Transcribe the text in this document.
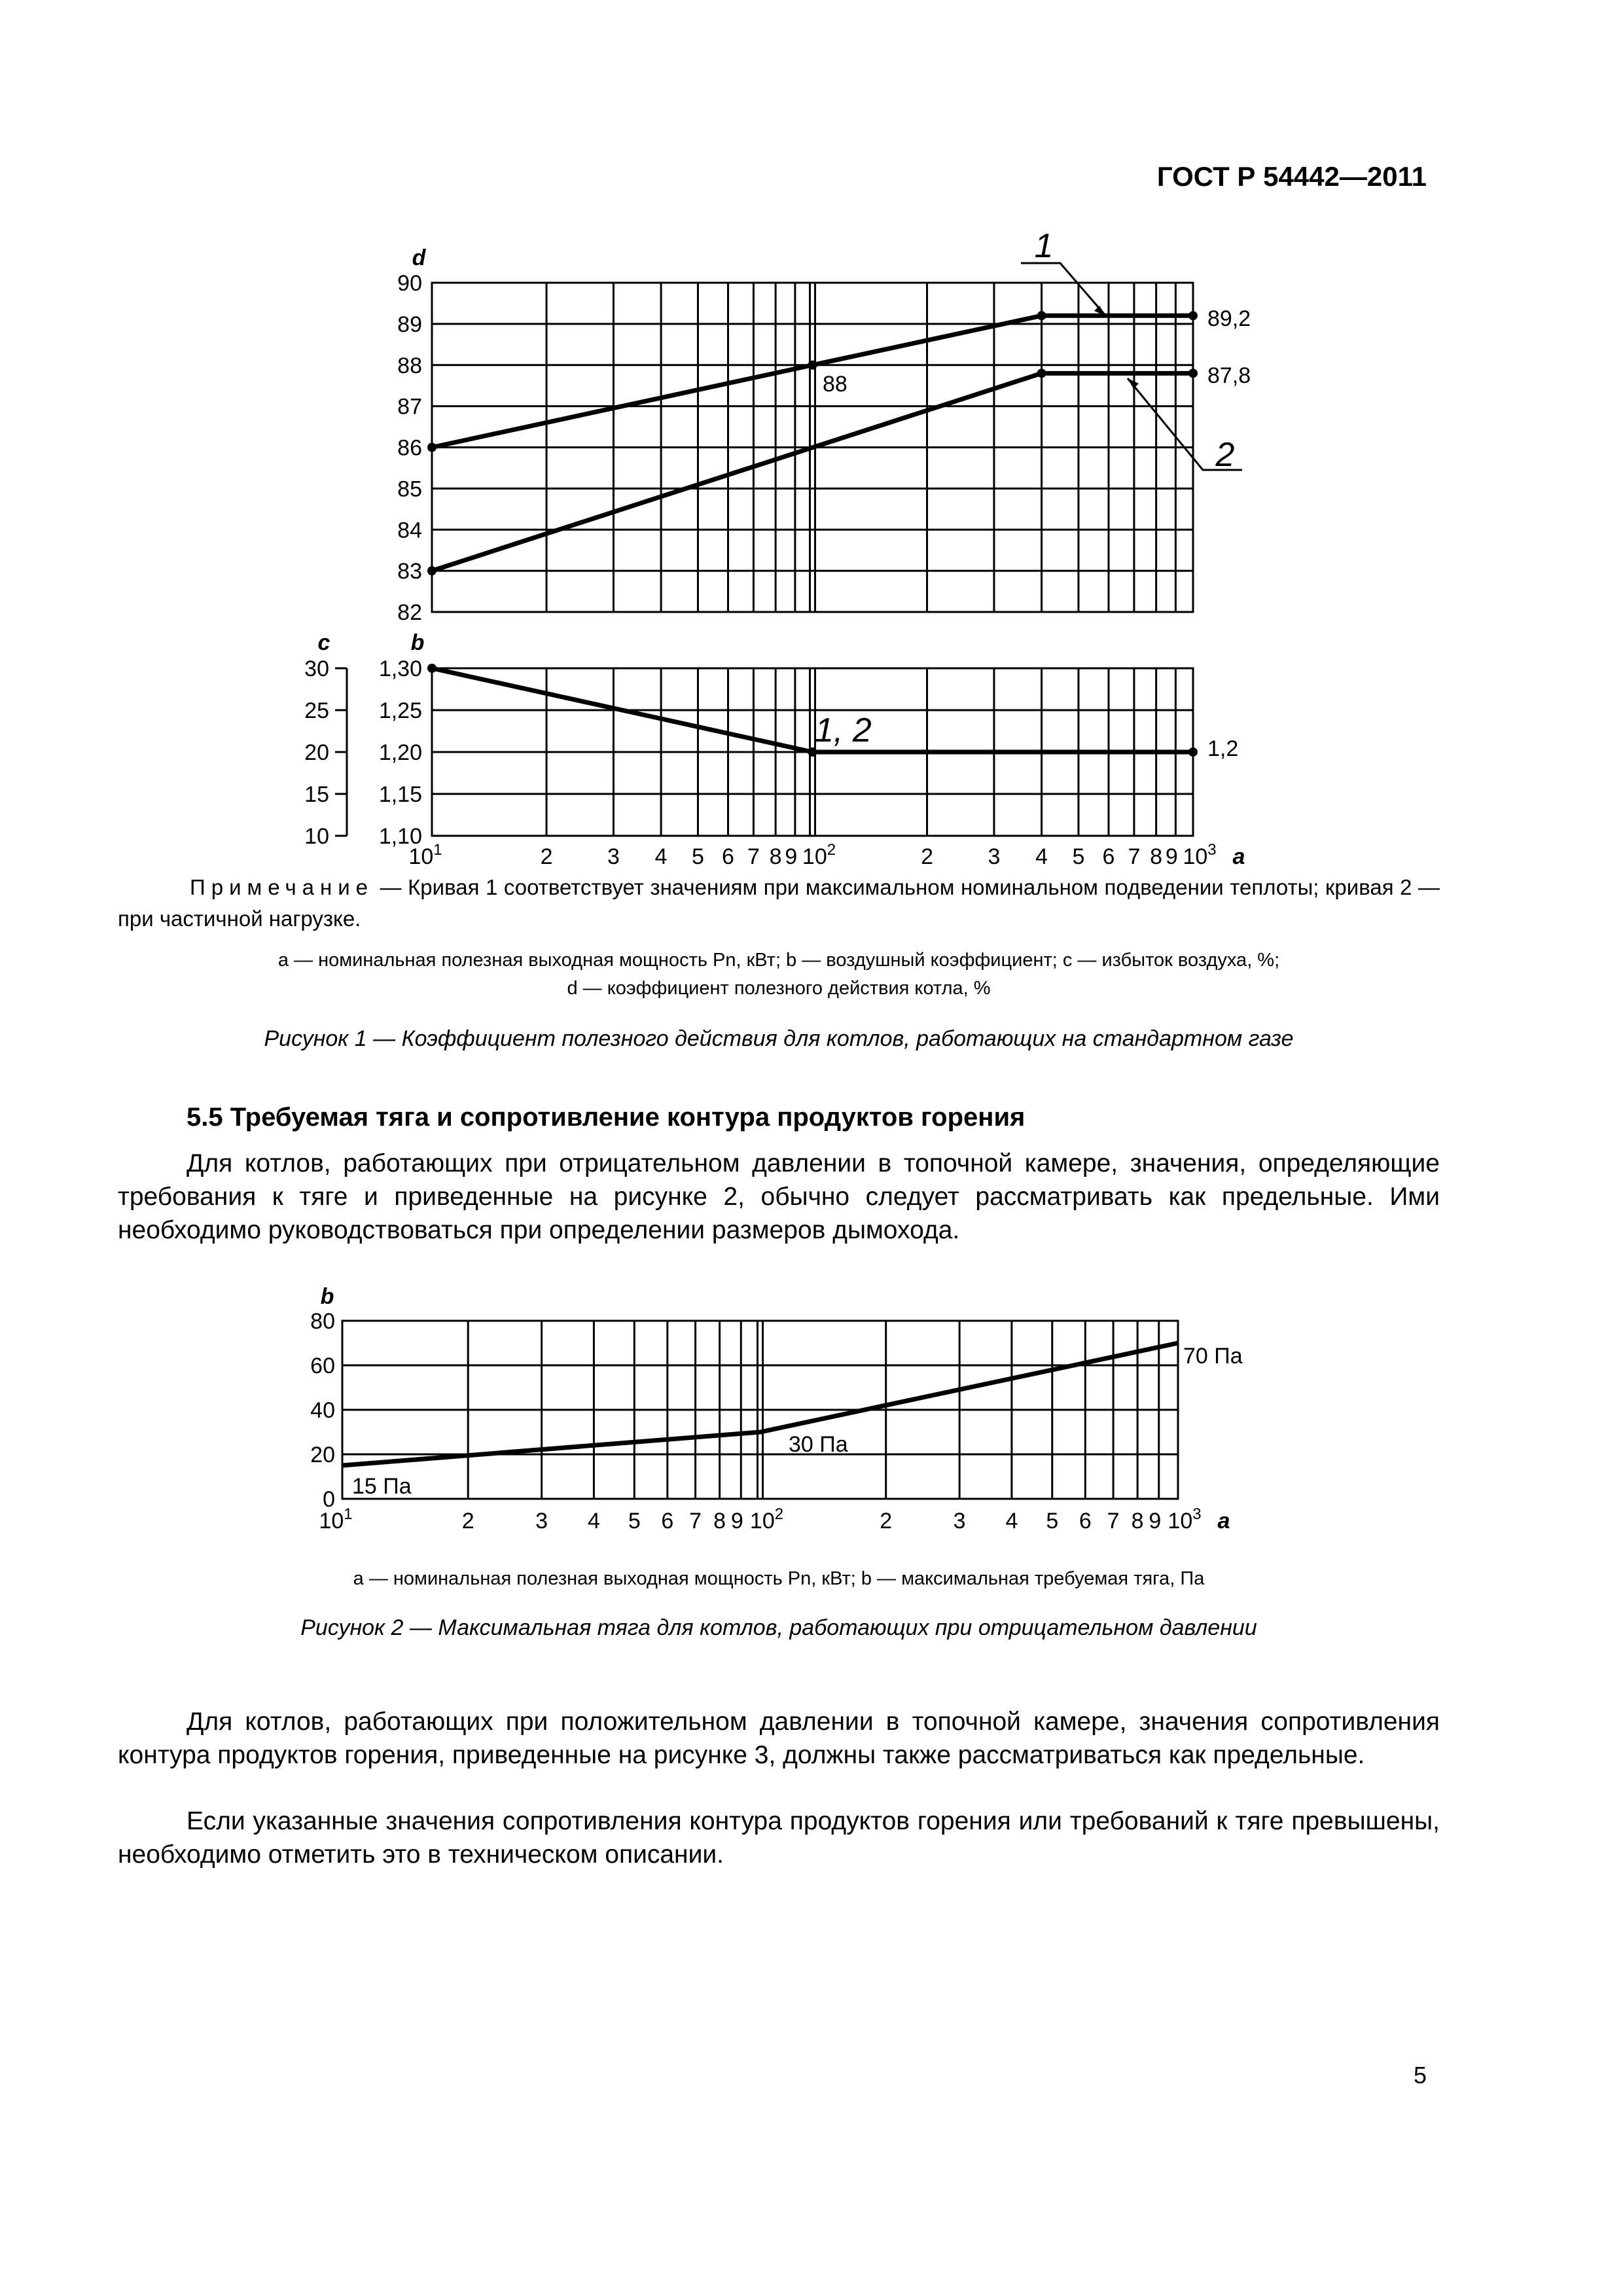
ГОСТ Р 54442—2011
82
83
84
85
86
87
88
89
90
1,10
10
1,15
15
1,20
20
1,25
25
1,30
30
d
c	b
1
2
89,2
87,8
88
1, 2	1,2
2 3 4 5 6 7 8 9	2 3 4 5 6 7 8 9
$10^1$	$10^2$	$10^3$ a
Примечание — Кривая 1 соответствует значениям при максимальном номинальном подведении теплоты; кривая 2 — при частичной нагрузке.
a — номинальная полезная выходная мощность Pn, кВт; b — воздушный коэффициент; c — избыток воздуха, %;
d — коэффициент полезного действия котла, %
Рисунок 1 — Коэффициент полезного действия для котлов, работающих на стандартном газе
5.5 Требуемая тяга и сопротивление контура продуктов горения
Для котлов, работающих при отрицательном давлении в топочной камере, значения, определяющие требования к тяге и приведенные на рисунке 2, обычно следует рассматривать как предельные. Ими необходимо руководствоваться при определении размеров дымохода.
0
20
40
60
80
b
15 Па
30 Па
70 Па
2	3 4 5 6 7 8 9	2	3 4 5 6 7 8 9
$10^1$	$10^2$	$10^3$ a
a — номинальная полезная выходная мощность Pn, кВт; b — максимальная требуемая тяга, Па
Рисунок 2 — Максимальная тяга для котлов, работающих при отрицательном давлении
Для котлов, работающих при положительном давлении в топочной камере, значения сопротивления контура продуктов горения, приведенные на рисунке 3, должны также рассматриваться как предельные.
Если указанные значения сопротивления контура продуктов горения или требований к тяге превышены, необходимо отметить это в техническом описании.
5
